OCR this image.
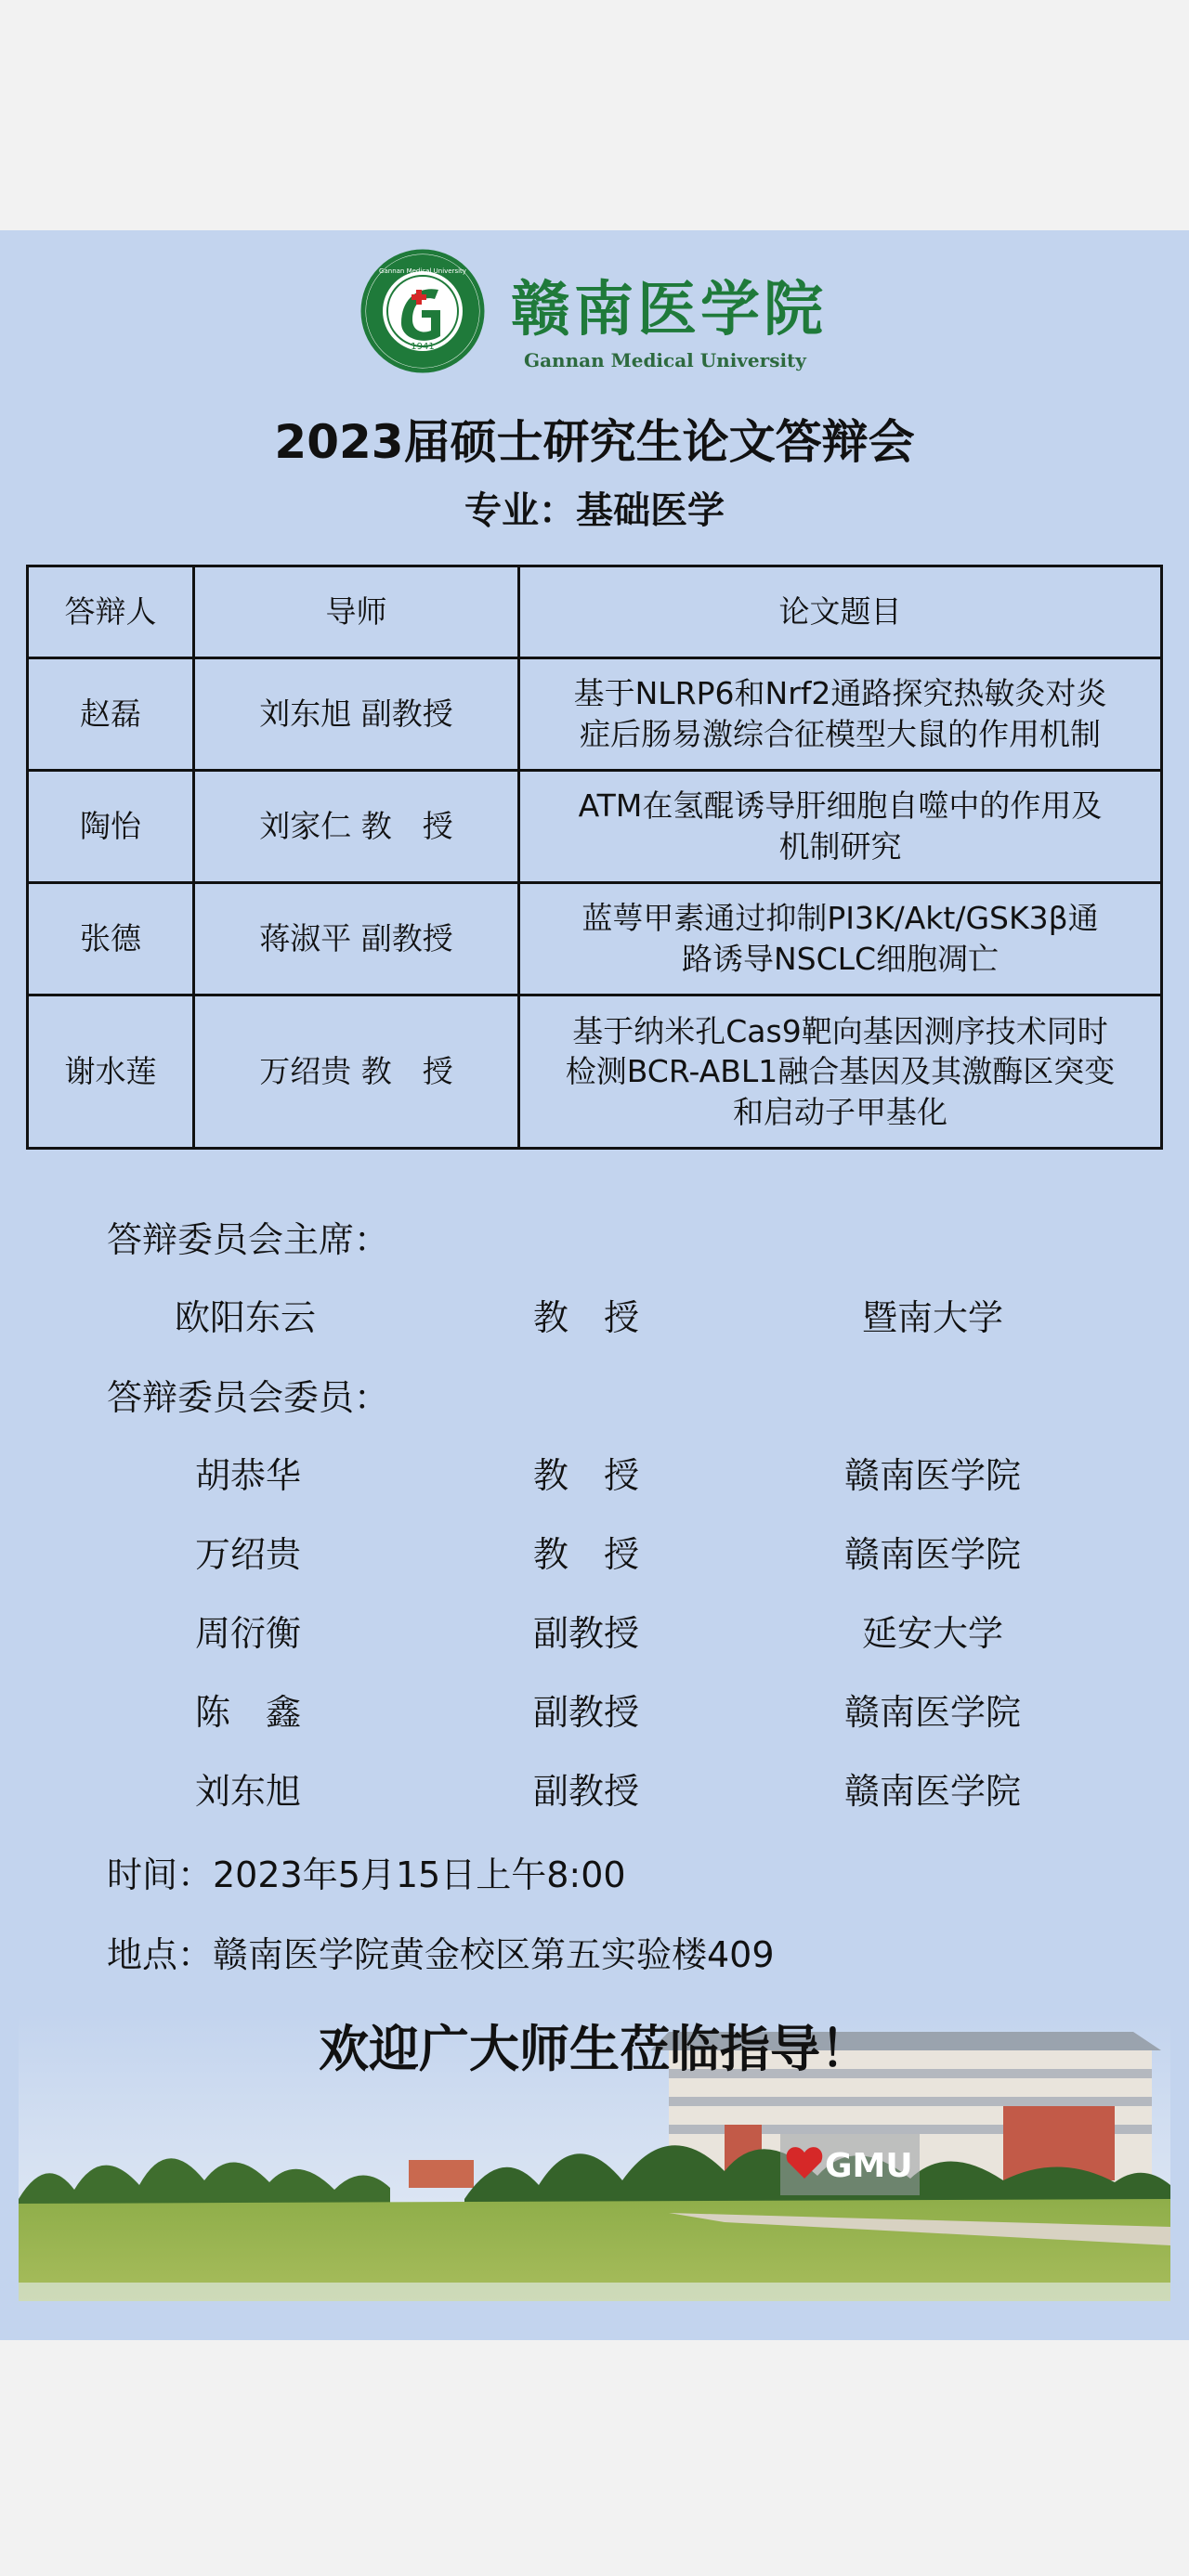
1941
Gannan Medical University
赣南医学院
Gannan Medical University
2023届硕士研究生论文答辩会
专业：基础医学
答辩人	导师	论文题目
赵磊	刘东旭 副教授	基于NLRP6和Nrf2通路探究热敏灸对炎
症后肠易激综合征模型大鼠的作用机制

陶怡	刘家仁 教　授	ATM在氢醌诱导肝细胞自噬中的作用及
机制研究

张德	蒋淑平 副教授	蓝萼甲素通过抑制PI3K/Akt/GSK3β通
路诱导NSCLC细胞凋亡

谢水莲	万绍贵 教　授	基于纳米孔Cas9靶向基因测序技术同时
检测BCR-ABL1融合基因及其激酶区突变
和启动子甲基化
答辩委员会主席：
欧阳东云	教　授	暨南大学
答辩委员会委员：
胡恭华	教　授	赣南医学院
万绍贵	教　授	赣南医学院
周衍衡	副教授	延安大学
陈　鑫	副教授	赣南医学院
刘东旭	副教授	赣南医学院
时间：2023年5月15日上午8:00
地点：赣南医学院黄金校区第五实验楼409
欢迎广大师生莅临指导！
GMU
